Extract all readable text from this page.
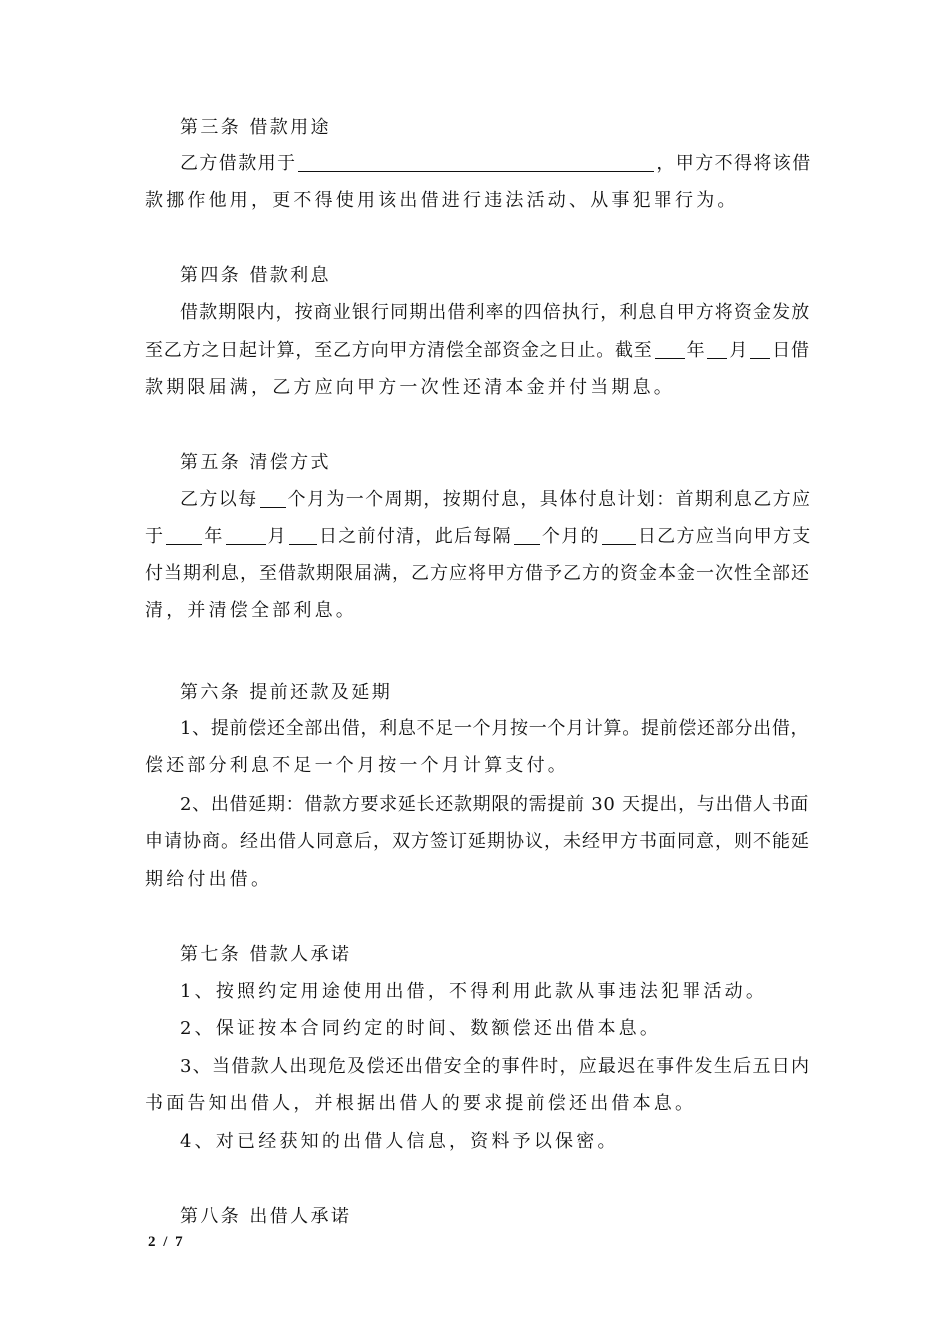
第三条 借款用途
乙方借款用于	，甲方不得将该借
款挪作他用，更不得使用该出借进行违法活动、从事犯罪行为。
第四条 借款利息
借款期限内，按商业银行同期出借利率的四倍执行，利息自甲方将资金发放
至乙方之日起计算，至乙方向甲方清偿全部资金之日止。截至 年 月 日借
款期限届满，乙方应向甲方一次性还清本金并付当期息。
第五条 清偿方式
乙方以每 个月为一个周期，按期付息，具体付息计划：首期利息乙方应
于 年 月 日之前付清，此后每隔 个月的 日乙方应当向甲方支
付当期利息，至借款期限届满，乙方应将甲方借予乙方的资金本金一次性全部还
清，并清偿全部利息。
第六条 提前还款及延期
1、提前偿还全部出借，利息不足一个月按一个月计算。提前偿还部分出借，
偿还部分利息不足一个月按一个月计算支付。
2、出借延期：借款方要求延长还款期限的需提前 30 天提出，与出借人书面
申请协商。经出借人同意后，双方签订延期协议，未经甲方书面同意，则不能延
期给付出借。
第七条 借款人承诺
1、按照约定用途使用出借，不得利用此款从事违法犯罪活动。
2、保证按本合同约定的时间、数额偿还出借本息。
3、当借款人出现危及偿还出借安全的事件时，应最迟在事件发生后五日内
书面告知出借人，并根据出借人的要求提前偿还出借本息。
4、对已经获知的出借人信息，资料予以保密。
第八条 出借人承诺
2 / 7
